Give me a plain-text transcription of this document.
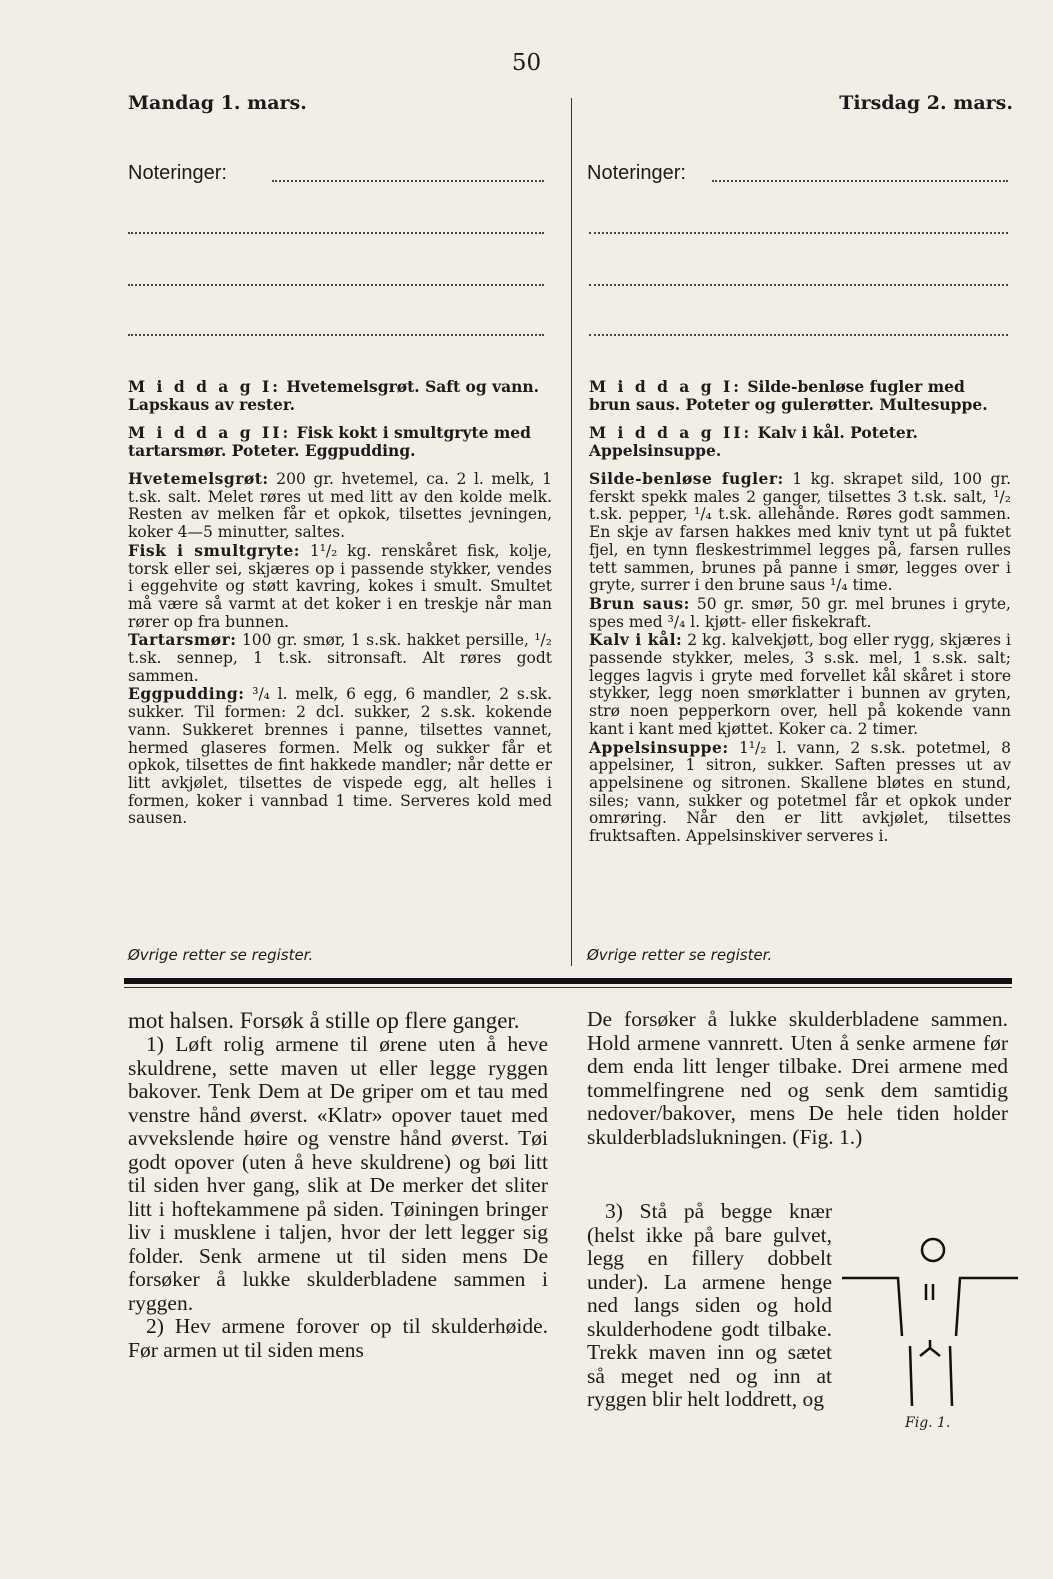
50
Mandag 1. mars.	Tirsdag 2. mars.
Noteringer:	Noteringer:

M i d d a g I: Hvetemelsgrøt. Saft og vann. Lapskaus av rester.

M i d d a g II: Fisk kokt i smultgryte med tartarsmør. Poteter. Eggpudding.

Hvetemelsgrøt: 200 gr. hvetemel, ca. 2 l. melk, 1 t.sk. salt. Melet røres ut med litt av den kolde melk. Resten av melken får et opkok, tilsettes jevningen, koker 4—5 minutter, saltes.

Fisk i smultgryte: 1¹/₂ kg. renskåret fisk, kolje, torsk eller sei, skjæres op i passende stykker, vendes i eggehvite og støtt kavring, kokes i smult. Smultet må være så varmt at det koker i en treskje når man rører op fra bunnen.

Tartarsmør: 100 gr. smør, 1 s.sk. hakket persille, ¹/₂ t.sk. sennep, 1 t.sk. sitronsaft. Alt røres godt sammen.

Eggpudding: ³/₄ l. melk, 6 egg, 6 mandler, 2 s.sk. sukker. Til formen: 2 dcl. sukker, 2 s.sk. kokende vann. Sukkeret brennes i panne, tilsettes vannet, hermed glaseres formen. Melk og sukker får et opkok, tilsettes de fint hakkede mandler; når dette er litt avkjølet, tilsettes de vispede egg, alt helles i formen, koker i vannbad 1 time. Serveres kold med sausen.

Øvrige retter se register.

M i d d a g I: Silde-benløse fugler med brun saus. Poteter og gulerøtter. Multesuppe.

M i d d a g II: Kalv i kål. Poteter. Appelsinsuppe.

Silde-benløse fugler: 1 kg. skrapet sild, 100 gr. ferskt spekk males 2 ganger, tilsettes 3 t.sk. salt, ¹/₂ t.sk. pepper, ¹/₄ t.sk. allehånde. Røres godt sammen. En skje av farsen hakkes med kniv tynt ut på fuktet fjel, en tynn fleskestrimmel legges på, farsen rulles tett sammen, brunes på panne i smør, legges over i gryte, surrer i den brune saus ¹/₄ time.

Brun saus: 50 gr. smør, 50 gr. mel brunes i gryte, spes med ³/₄ l. kjøtt- eller fiskekraft.

Kalv i kål: 2 kg. kalvekjøtt, bog eller rygg, skjæres i passende stykker, meles, 3 s.sk. mel, 1 s.sk. salt; legges lagvis i gryte med forvellet kål skåret i store stykker, legg noen smørklatter i bunnen av gryten, strø noen pepperkorn over, hell på kokende vann kant i kant med kjøttet. Koker ca. 2 timer.

Appelsinsuppe: 1¹/₂ l. vann, 2 s.sk. potetmel, 8 appelsiner, 1 sitron, sukker. Saften presses ut av appelsinene og sitronen. Skallene bløtes en stund, siles; vann, sukker og potetmel får et opkok under omrøring. Når den er litt avkjølet, tilsettes fruktsaften. Appelsinskiver serveres i.

Øvrige retter se register.

mot halsen. Forsøk å stille op flere ganger.

1) Løft rolig armene til ørene uten å heve skuldrene, sette maven ut eller legge ryggen bakover. Tenk Dem at De griper om et tau med venstre hånd øverst. «Klatr» opover tauet med avvekslende høire og venstre hånd øverst. Tøi godt opover (uten å heve skuldrene) og bøi litt til siden hver gang, slik at De merker det sliter litt i hoftekammene på siden. Tøiningen bringer liv i musklene i taljen, hvor der lett legger sig folder. Senk armene ut til siden mens De forsøker å lukke skulderbladene sammen i ryggen.

2) Hev armene forover op til skulderhøide. Før armen ut til siden mens

De forsøker å lukke skulderbladene sammen. Hold armene vannrett. Uten å senke armene før dem enda litt lenger tilbake. Drei armene med tommelfingrene ned og senk dem samtidig nedover/bakover, mens De hele tiden holder skulderbladslukningen. (Fig. 1.)

3) Stå på begge knær (helst ikke på bare gulvet, legg en fillery dobbelt under). La armene henge ned langs siden og hold skulderhodene godt tilbake. Trekk maven inn og sætet så meget ned og inn at ryggen blir helt loddrett, og

Fig. 1.
